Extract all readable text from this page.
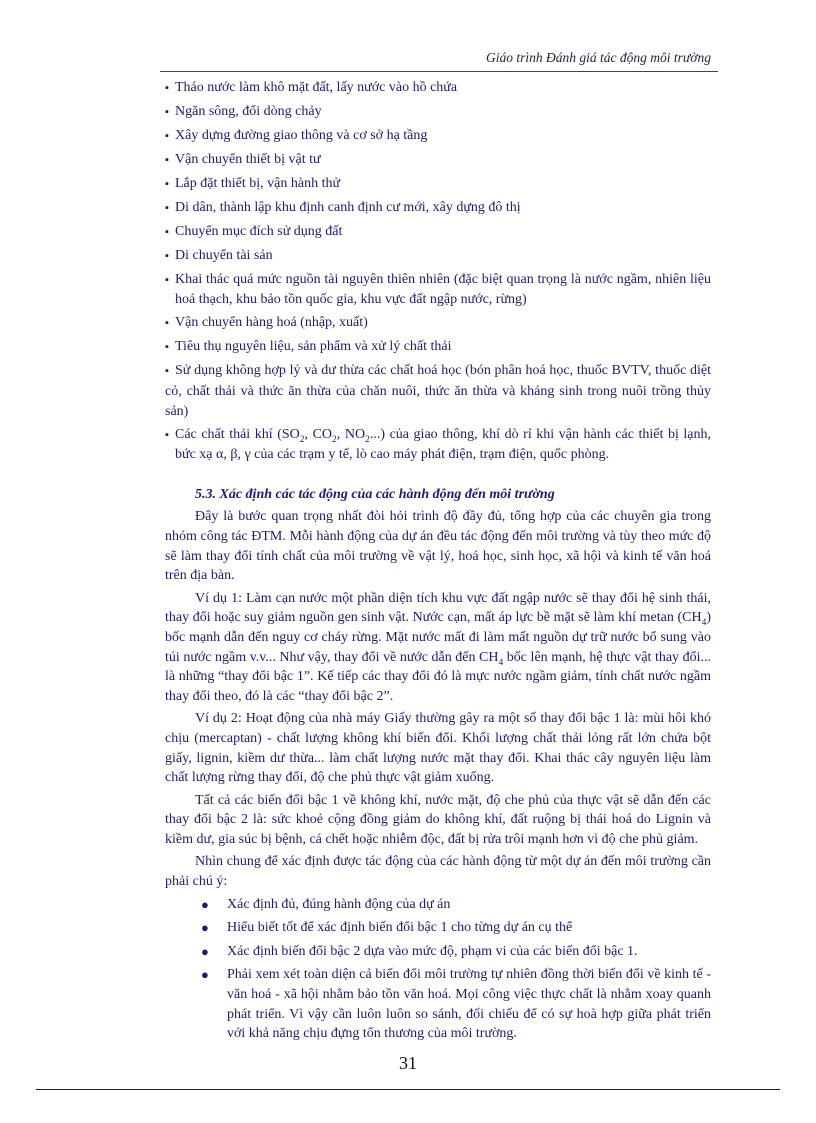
Giáo trình Đánh giá tác động môi trường
▪ Tháo nước làm khô mặt đất, lấy nước vào hồ chứa
▪ Ngăn sông, đổi dòng chảy
▪ Xây dựng đường giao thông và cơ sở hạ tầng
▪ Vận chuyển thiết bị vật tư
▪ Lắp đặt thiết bị, vận hành thử
▪ Di dân, thành lập khu định canh định cư mới, xây dựng đô thị
▪ Chuyển mục đích sử dụng đất
▪ Di chuyển tài sản
▪ Khai thác quá mức nguồn tài nguyên thiên nhiên (đặc biệt quan trọng là nước ngầm, nhiên liệu hoá thạch, khu bảo tồn quốc gia, khu vực đất ngập nước, rừng)
▪ Vận chuyển hàng hoá (nhập, xuất)
▪ Tiêu thụ nguyên liệu, sản phẩm và xử lý chất thải
▪ Sử dụng không hợp lý và dư thừa các chất hoá học (bón phân hoá học, thuốc BVTV, thuốc diệt cỏ, chất thải và thức ăn thừa của chăn nuôi, thức ăn thừa và kháng sinh trong nuôi trồng thủy sản)
▪ Các chất thải khí ($SO_2$, $CO_2$, $NO_2$...) của giao thông, khí dò rỉ khi vận hành các thiết bị lạnh, bức xạ α, β, γ của các trạm y tế, lò cao máy phát điện, trạm điện, quốc phòng.
5.3. Xác định các tác động của các hành động đến môi trường

Đây là bước quan trọng nhất đòi hỏi trình độ đầy đủ, tổng hợp của các chuyên gia trong nhóm công tác ĐTM. Mỗi hành động của dự án đều tác động đến môi trường và tùy theo mức độ sẽ làm thay đổi tính chất của môi trường về vật lý, hoá học, sinh học, xã hội và kinh tế văn hoá trên địa bàn.

Ví dụ 1: Làm cạn nước một phần diện tích khu vực đất ngập nước sẽ thay đổi hệ sinh thái, thay đổi hoặc suy giảm nguồn gen sinh vật. Nước cạn, mất áp lực bề mặt sẽ làm khí metan $(CH_4)$ bốc mạnh dẫn đến nguy cơ cháy rừng. Mặt nước mất đi làm mất nguồn dự trữ nước bổ sung vào túi nước ngầm v.v... Như vậy, thay đổi về nước dẫn đến $CH_4$ bốc lên mạnh, hệ thực vật thay đổi... là những “thay đổi bậc 1”. Kế tiếp các thay đổi đó là mực nước ngầm giảm, tính chất nước ngầm thay đổi theo, đó là các “thay đổi bậc 2”.

Ví dụ 2: Hoạt động của nhà máy Giấy thường gây ra một số thay đổi bậc 1 là: mùi hôi khó chịu (mercaptan) - chất lượng không khí biến đổi. Khối lượng chất thải lỏng rất lớn chứa bột giấy, lignin, kiềm dư thừa... làm chất lượng nước mặt thay đổi. Khai thác cây nguyên liệu làm chất lượng rừng thay đổi, độ che phủ thực vật giảm xuống.

Tất cả các biến đổi bậc 1 về không khí, nước mặt, độ che phủ của thực vật sẽ dẫn đến các thay đổi bậc 2 là: sức khoẻ cộng đồng giảm do không khí, đất ruộng bị thái hoá do Lignin và kiềm dư, gia súc bị bệnh, cá chết hoặc nhiễm độc, đất bị rửa trôi mạnh hơn vì độ che phủ giảm.

Nhìn chung để xác định được tác động của các hành động từ một dự án đến môi trường cần phải chú ý:

● Xác định đủ, đúng hành động của dự án
● Hiểu biết tốt để xác định biến đổi bậc 1 cho từng dự án cụ thể
● Xác định biến đổi bậc 2 dựa vào mức độ, phạm vi của các biến đổi bậc 1.
● Phải xem xét toàn diện cả biến đổi môi trường tự nhiên đồng thời biến đổi về kinh tế - văn hoá - xã hội nhằm bảo tồn văn hoá. Mọi công việc thực chất là nhằm xoay quanh phát triển. Vì vậy cần luôn luôn so sánh, đối chiếu để có sự hoà hợp giữa phát triển với khả năng chịu đựng tổn thương của môi trường.
31
